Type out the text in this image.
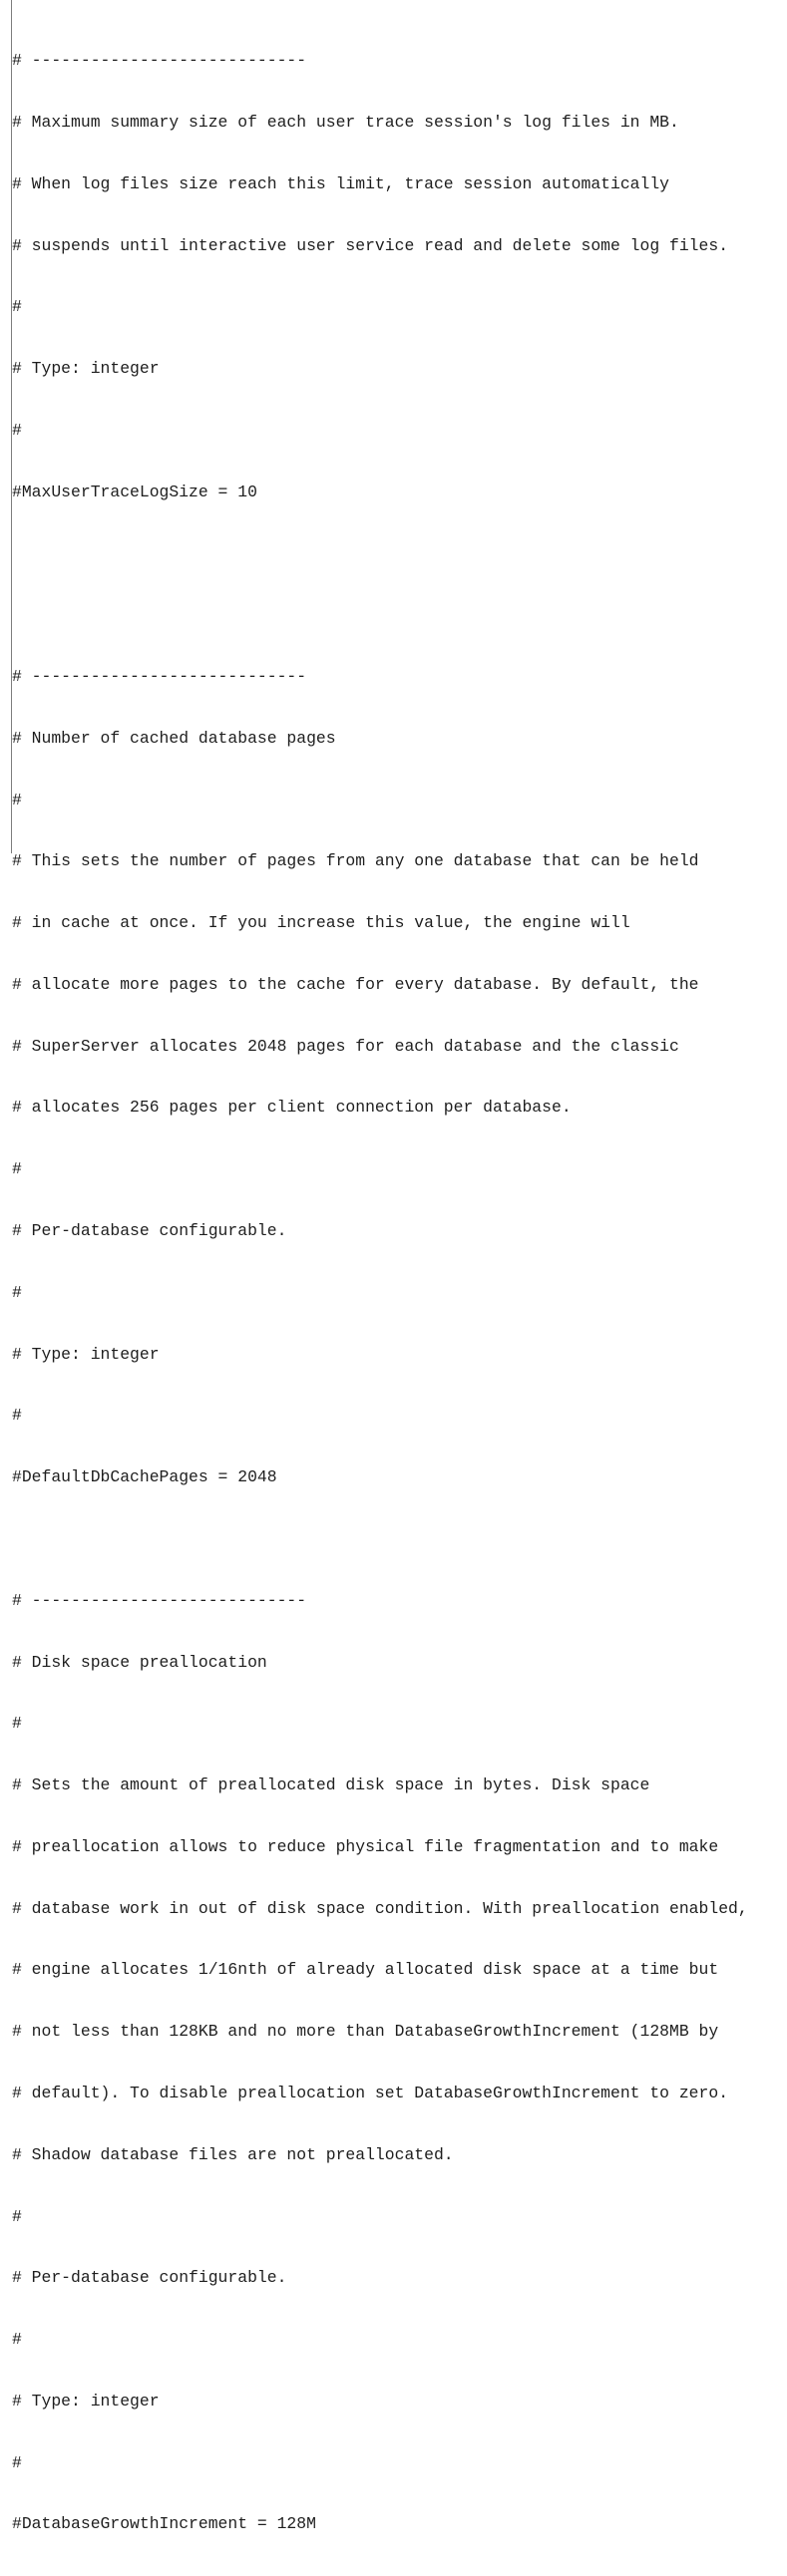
# ----------------------------

# Maximum summary size of each user trace session's log files in MB.

# When log files size reach this limit, trace session automatically

# suspends until interactive user service read and delete some log files.

#

# Type: integer

#

#MaxUserTraceLogSize = 10

# ----------------------------

# Number of cached database pages

#

# This sets the number of pages from any one database that can be held

# in cache at once. If you increase this value, the engine will

# allocate more pages to the cache for every database. By default, the

# SuperServer allocates 2048 pages for each database and the classic

# allocates 256 pages per client connection per database.

#

# Per-database configurable.

#

# Type: integer

#

#DefaultDbCachePages = 2048

# ----------------------------

# Disk space preallocation

#

# Sets the amount of preallocated disk space in bytes. Disk space

# preallocation allows to reduce physical file fragmentation and to make

# database work in out of disk space condition. With preallocation enabled,

# engine allocates 1/16nth of already allocated disk space at a time but

# not less than 128KB and no more than DatabaseGrowthIncrement (128MB by

# default). To disable preallocation set DatabaseGrowthIncrement to zero.

# Shadow database files are not preallocated.

#

# Per-database configurable.

#

# Type: integer

#

#DatabaseGrowthIncrement = 128M
